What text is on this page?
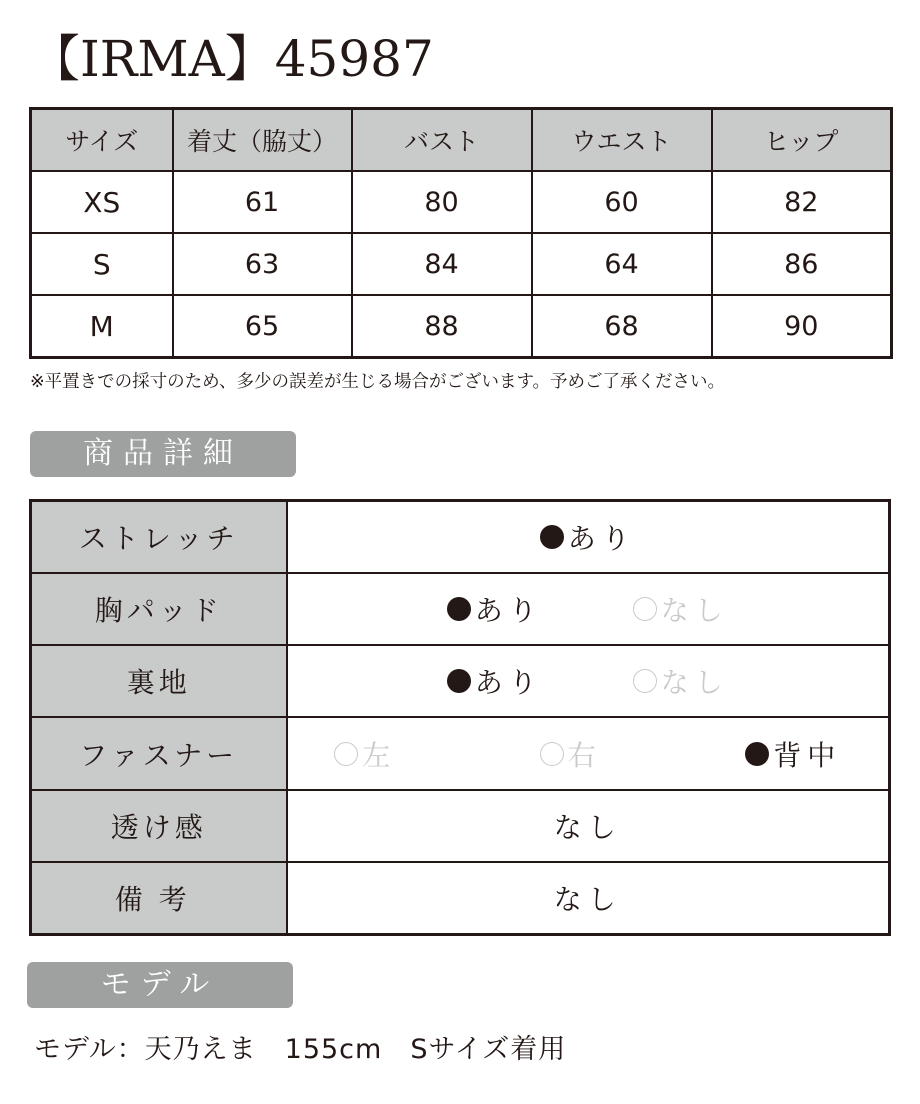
【IRMA】45987
サイズ	着丈（脇丈）	バスト	ウエスト	ヒップ
XS	61	80	60	82
S	63	84	64	86
M	65	88	68	90
※平置きでの採寸のため、多少の誤差が生じる場合がございます。予めご了承ください。
商品詳細
ストレッチ	あり

胸パッド	あり なし

裏地	あり なし

ファスナー	左 右 背中

透け感	なし
備考	なし
モデル
モデル：天乃えま　155cm　Sサイズ着用
